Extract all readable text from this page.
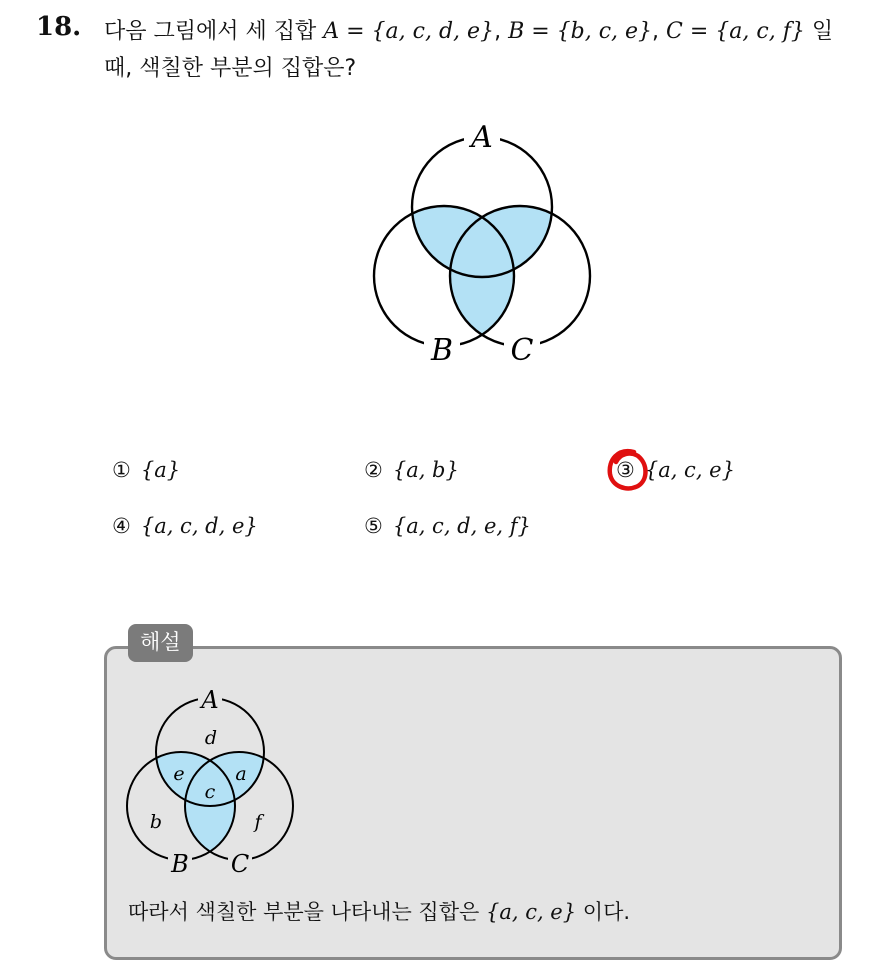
18. 다음 그림에서 세 집합 A = {a, c, d, e}, B = {b, c, e}, C = {a, c, f} 일
때, 색칠한 부분의 집합은?
A
B C
① {a}	② {a, b}	③ {a, c, e}
④ {a, c, d, e}	⑤ {a, c, d, e, f}
해설
A
B C
d
e	a
c
b	f
따라서 색칠한 부분을 나타내는 집합은 {a, c, e} 이다.
